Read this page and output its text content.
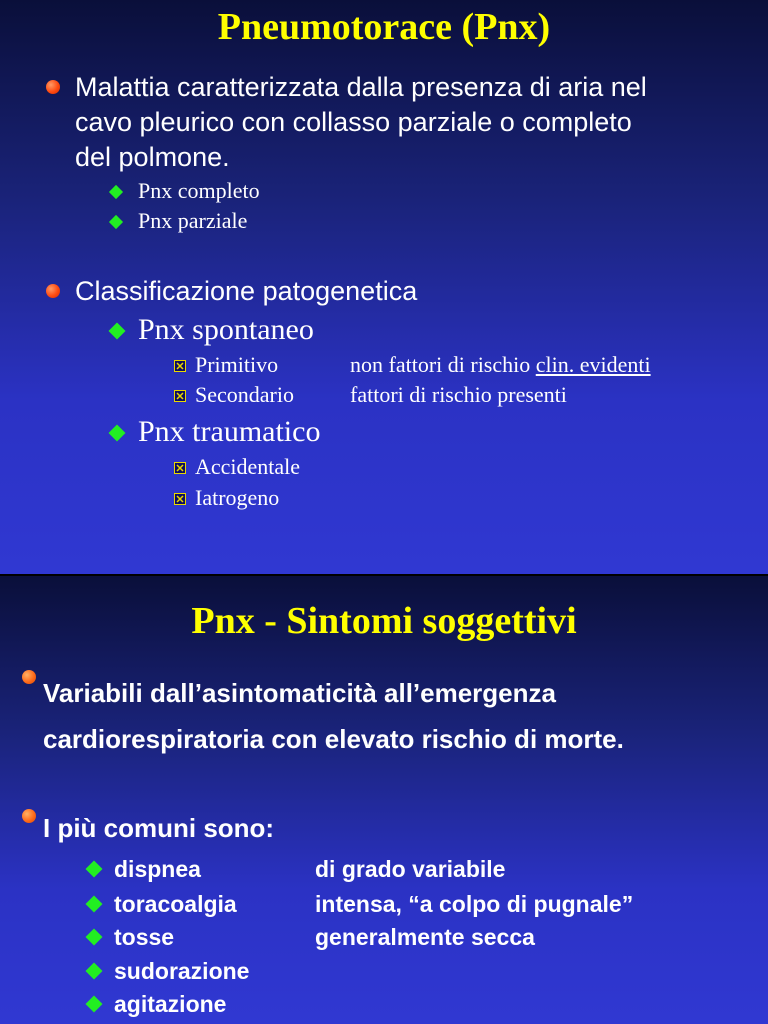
Pneumotorace (Pnx)
Malattia caratterizzata dalla presenza di aria nel
cavo pleurico con collasso parziale o completo
del polmone.
Pnx completo
Pnx parziale
Classificazione patogenetica
Pnx spontaneo
Primitivo	non fattori di rischio clin. evidenti
Secondario	fattori di rischio presenti
Pnx traumatico
Accidentale
Iatrogeno
Pnx - Sintomi soggettivi
Variabili dall’asintomaticità all’emergenza
cardiorespiratoria con elevato rischio di morte.
I più comuni sono:
dispnea	di grado variabile
toracoalgia	intensa, “a colpo di pugnale”
tosse	generalmente secca
sudorazione
agitazione
